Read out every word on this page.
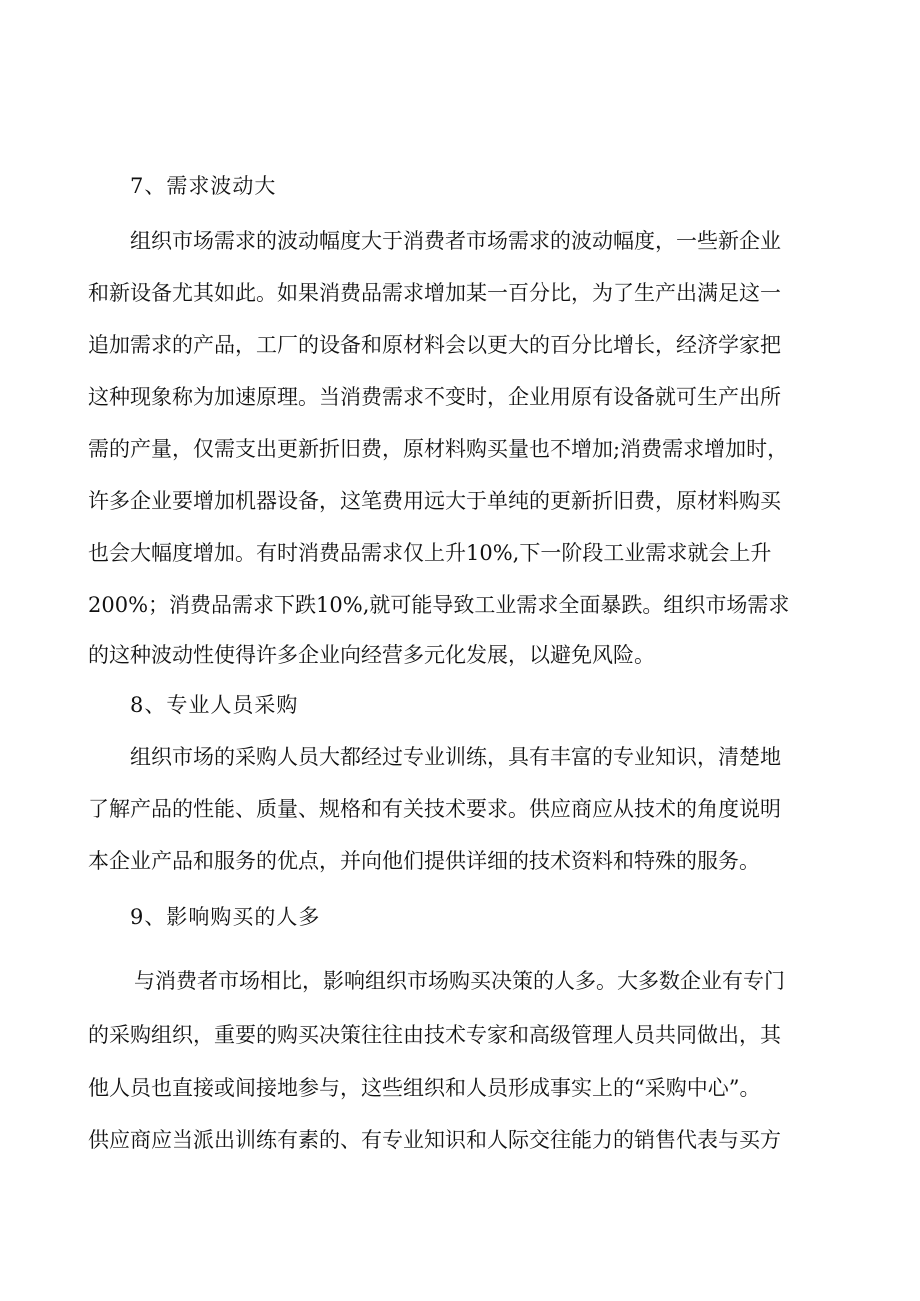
7、需求波动大

组织市场需求的波动幅度大于消费者市场需求的波动幅度，一些新企业

和新设备尤其如此。如果消费品需求增加某一百分比，为了生产出满足这一

追加需求的产品，工厂的设备和原材料会以更大的百分比增长，经济学家把

这种现象称为加速原理。当消费需求不变时，企业用原有设备就可生产出所

需的产量，仅需支出更新折旧费，原材料购买量也不增加;消费需求增加时，

许多企业要增加机器设备，这笔费用远大于单纯的更新折旧费，原材料购买

也会大幅度增加。有时消费品需求仅上升10%,下一阶段工业需求就会上升

200%；消费品需求下跌10%,就可能导致工业需求全面暴跌。组织市场需求

的这种波动性使得许多企业向经营多元化发展，以避免风险。

8、专业人员采购

组织市场的采购人员大都经过专业训练，具有丰富的专业知识，清楚地

了解产品的性能、质量、规格和有关技术要求。供应商应从技术的角度说明

本企业产品和服务的优点，并向他们提供详细的技术资料和特殊的服务。

9、影响购买的人多

与消费者市场相比，影响组织市场购买决策的人多。大多数企业有专门

的采购组织，重要的购买决策往往由技术专家和高级管理人员共同做出，其

他人员也直接或间接地参与，这些组织和人员形成事实上的“采购中心”。

供应商应当派出训练有素的、有专业知识和人际交往能力的销售代表与买方
